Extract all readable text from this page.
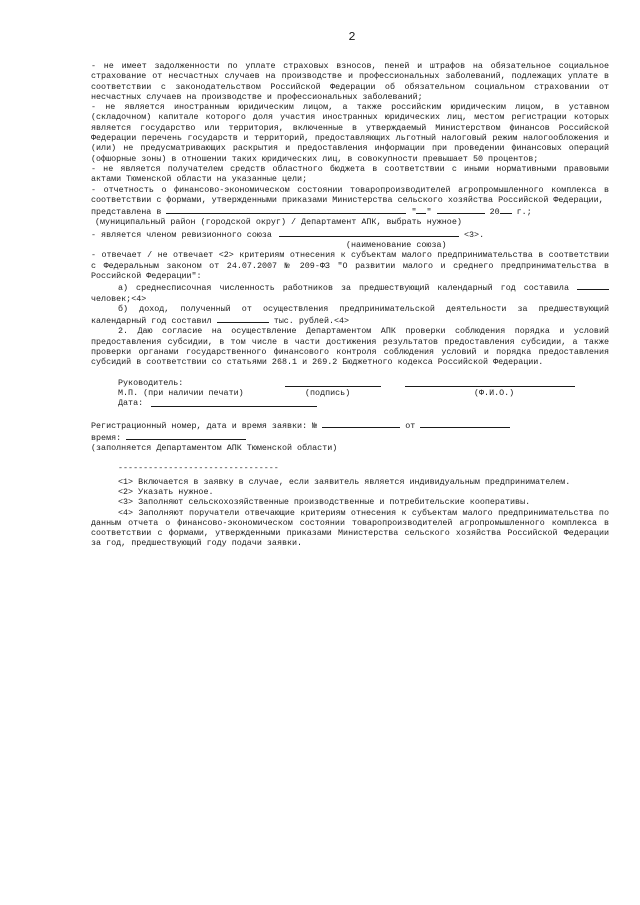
2

- не имеет задолженности по уплате страховых взносов, пеней и штрафов на обязательное социальное страхование от несчастных случаев на производстве и профессиональных заболеваний, подлежащих уплате в соответствии с законодательством Российской Федерации об обязательном социальном страховании от несчастных случаев на производстве и профессиональных заболеваний;

- не является иностранным юридическим лицом, а также российским юридическим лицом, в уставном (складочном) капитале которого доля участия иностранных юридических лиц, местом регистрации которых является государство или территория, включенные в утверждаемый Министерством финансов Российской Федерации перечень государств и территорий, предоставляющих льготный налоговый режим налогообложения и (или) не предусматривающих раскрытия и предоставления информации при проведении финансовых операций (офшорные зоны) в отношении таких юридических лиц, в совокупности превышает 50 процентов;

- не является получателем средств областного бюджета в соответствии с иными нормативными правовыми актами Тюменской области на указанные цели;

- отчетность о финансово-экономическом состоянии товаропроизводителей агропромышленного комплекса в соответствии с формами, утвержденными приказами Министерства сельского хозяйства Российской Федерации,

представлена в	" "	20 г.;

(муниципальный район (городской округ) / Департамент АПК, выбрать нужное)

- является членом ревизионного союза	<3>.

(наименование союза)

- отвечает / не отвечает <2> критериям отнесения к субъектам малого предпринимательства в соответствии с Федеральным законом от 24.07.2007 № 209-ФЗ "О развитии малого и среднего предпринимательства в Российской Федерации":

а) среднесписочная численность работников за предшествующий календарный год составила  человек;<4>

б) доход, полученный от осуществления предпринимательской деятельности за предшествующий календарный год составил	тыс. рублей.<4>

2. Даю согласие на осуществление Департаментом АПК проверки соблюдения порядка и условий предоставления субсидии, в том числе в части достижения результатов предоставления субсидии, а также проверки органами государственного финансового контроля соблюдения условий и порядка предоставления субсидий в соответствии со статьями 268.1 и 269.2 Бюджетного кодекса Российской Федерации.

Руководитель:
М.П. (при наличии печати)	(подпись)	(Ф.И.О.)
Дата:

Регистрационный номер, дата и время заявки: №	от

время:

(заполняется Департаментом АПК Тюменской области)

--------------------------------

<1> Включается в заявку в случае, если заявитель является индивидуальным предпринимателем.

<2> Указать нужное.

<3> Заполняют сельскохозяйственные производственные и потребительские кооперативы.

<4> Заполняют поручатели отвечающие критериям отнесения к субъектам малого предпринимательства по данным отчета о финансово-экономическом состоянии товаропроизводителей агропромышленного комплекса в соответствии с формами, утвержденными приказами Министерства сельского хозяйства Российской Федерации за год, предшествующий году подачи заявки.
